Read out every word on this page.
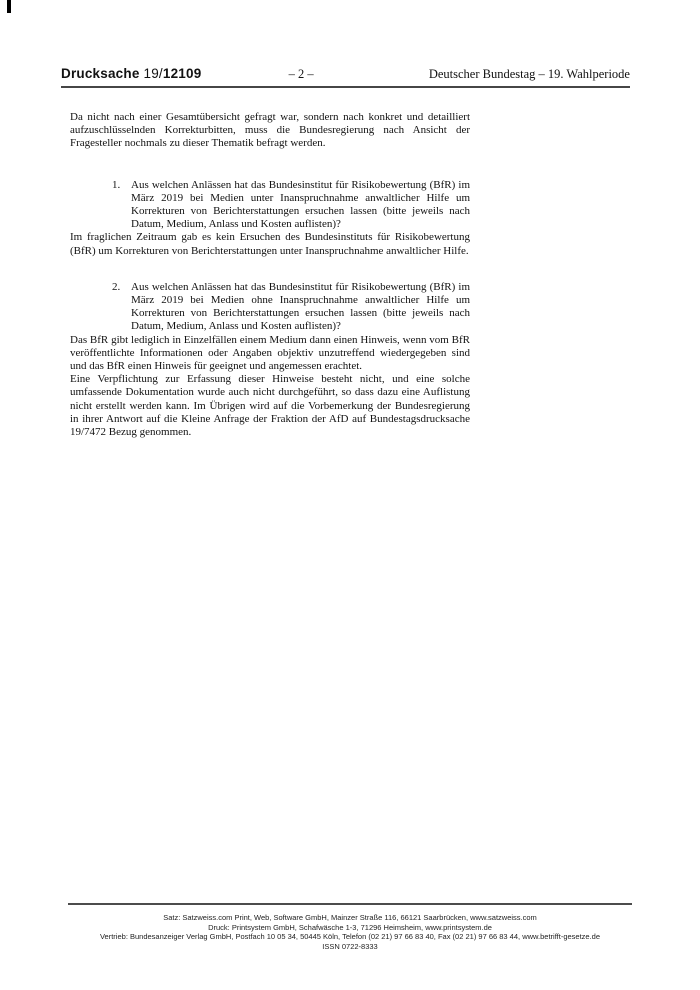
Drucksache 19/12109	– 2 –	Deutscher Bundestag – 19. Wahlperiode

Da nicht nach einer Gesamtübersicht gefragt war, sondern nach konkret und detailliert aufzuschlüsselnden Korrekturbitten, muss die Bundesregierung nach Ansicht der Fragesteller nochmals zu dieser Thematik befragt werden.

1. Aus welchen Anlässen hat das Bundesinstitut für Risikobewertung (BfR) im März 2019 bei Medien unter Inanspruchnahme anwaltlicher Hilfe um Korrekturen von Berichterstattungen ersuchen lassen (bitte jeweils nach Datum, Medium, Anlass und Kosten auflisten)?

Im fraglichen Zeitraum gab es kein Ersuchen des Bundesinstituts für Risikobewertung (BfR) um Korrekturen von Berichterstattungen unter Inanspruchnahme anwaltlicher Hilfe.

2. Aus welchen Anlässen hat das Bundesinstitut für Risikobewertung (BfR) im März 2019 bei Medien ohne Inanspruchnahme anwaltlicher Hilfe um Korrekturen von Berichterstattungen ersuchen lassen (bitte jeweils nach Datum, Medium, Anlass und Kosten auflisten)?

Das BfR gibt lediglich in Einzelfällen einem Medium dann einen Hinweis, wenn vom BfR veröffentlichte Informationen oder Angaben objektiv unzutreffend wiedergegeben sind und das BfR einen Hinweis für geeignet und angemessen erachtet.

Eine Verpflichtung zur Erfassung dieser Hinweise besteht nicht, und eine solche umfassende Dokumentation wurde auch nicht durchgeführt, so dass dazu eine Auflistung nicht erstellt werden kann. Im Übrigen wird auf die Vorbemerkung der Bundesregierung in ihrer Antwort auf die Kleine Anfrage der Fraktion der AfD auf Bundestagsdrucksache 19/7472 Bezug genommen.

Satz: Satzweiss.com Print, Web, Software GmbH, Mainzer Straße 116, 66121 Saarbrücken, www.satzweiss.com
Druck: Printsystem GmbH, Schafwäsche 1-3, 71296 Heimsheim, www.printsystem.de
Vertrieb: Bundesanzeiger Verlag GmbH, Postfach 10 05 34, 50445 Köln, Telefon (02 21) 97 66 83 40, Fax (02 21) 97 66 83 44, www.betrifft-gesetze.de
ISSN 0722-8333
